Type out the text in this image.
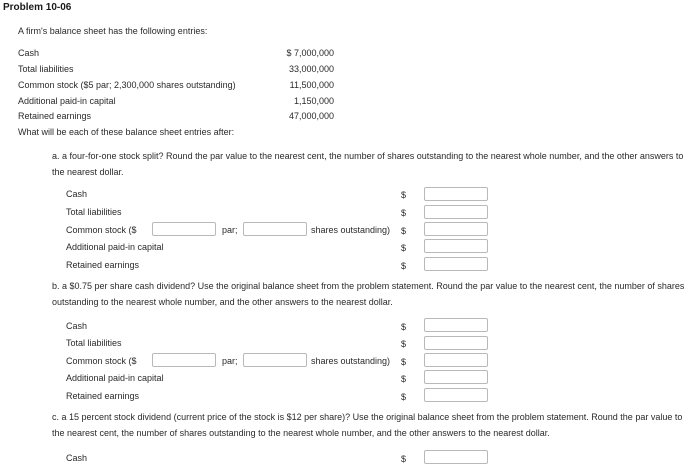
Problem 10-06
A firm's balance sheet has the following entries:
Cash	$ 7,000,000
Total liabilities	33,000,000
Common stock ($5 par; 2,300,000 shares outstanding)	11,500,000
Additional paid-in capital	1,150,000
Retained earnings	47,000,000
What will be each of these balance sheet entries after:
a. a four-for-one stock split? Round the par value to the nearest cent, the number of shares outstanding to the nearest whole number, and the other answers to the nearest dollar.
Cash	$
Total liabilities	$
Common stock ($	par;	shares outstanding) $
Additional paid-in capital	$
Retained earnings	$
b. a $0.75 per share cash dividend? Use the original balance sheet from the problem statement. Round the par value to the nearest cent, the number of shares outstanding to the nearest whole number, and the other answers to the nearest dollar.
Cash	$
Total liabilities	$
Common stock ($	par;	shares outstanding) $
Additional paid-in capital	$
Retained earnings	$
c. a 15 percent stock dividend (current price of the stock is $12 per share)? Use the original balance sheet from the problem statement. Round the par value to the nearest cent, the number of shares outstanding to the nearest whole number, and the other answers to the nearest dollar.
Cash	$
